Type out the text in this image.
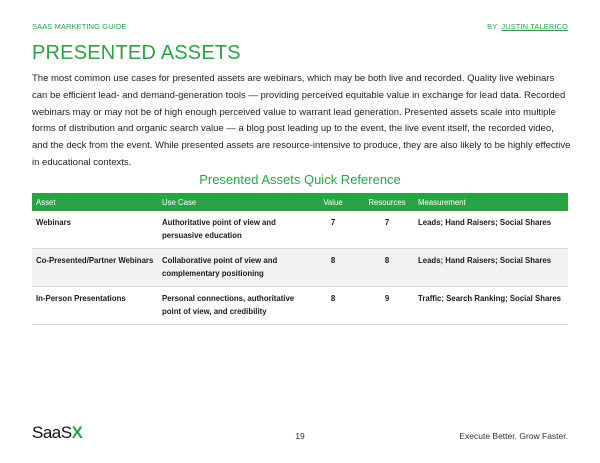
SAAS MARKETING GUIDE	BY: JUSTIN TALERICO
PRESENTED ASSETS

The most common use cases for presented assets are webinars, which may be both live and recorded. Quality live webinars can be efficient lead- and demand-generation tools — providing perceived equitable value in exchange for lead data. Recorded webinars may or may not be of high enough perceived value to warrant lead generation. Presented assets scale into multiple forms of distribution and organic search value — a blog post leading up to the event, the live event itself, the recorded video, and the deck from the event. While presented assets are resource-intensive to produce, they are also likely to be highly effective in educational contexts.

Presented Assets Quick Reference
Asset	Use Case	Value	Resources	Measurement
Webinars	Authoritative point of view and persuasive education	7	7	Leads; Hand Raisers; Social Shares
Co-Presented/Partner Webinars	Collaborative point of view and complementary positioning	8	8	Leads; Hand Raisers; Social Shares
In-Person Presentations	Personal connections, authoritative point of view, and credibility	8	9	Traffic; Search Ranking; Social Shares
SaaSX	19	Execute Better. Grow Faster.
